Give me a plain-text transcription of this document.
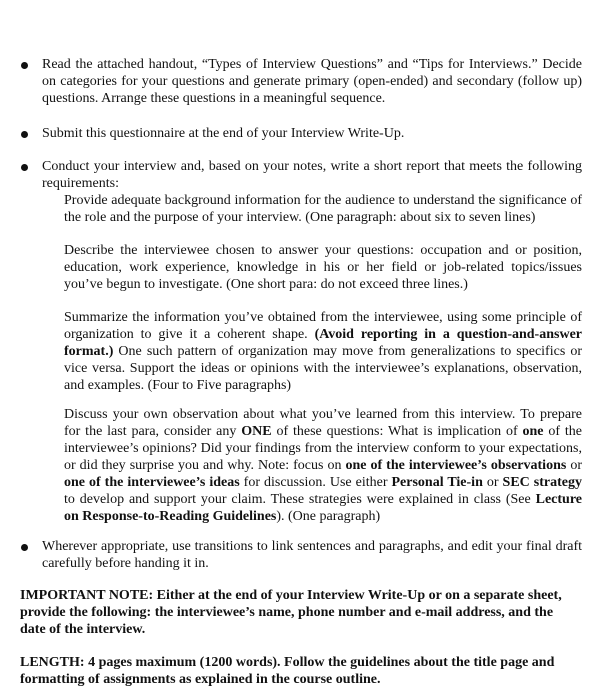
Read the attached handout, “Types of Interview Questions” and “Tips for Interviews.” Decide on categories for your questions and generate primary (open-ended) and secondary (follow up) questions. Arrange these questions in a meaningful sequence.
Submit this questionnaire at the end of your Interview Write-Up.
Conduct your interview and, based on your notes, write a short report that meets the following requirements:
Provide adequate background information for the audience to understand the significance of the role and the purpose of your interview. (One paragraph: about six to seven lines)
Describe the interviewee chosen to answer your questions: occupation and or position, education, work experience, knowledge in his or her field or job-related topics/issues you’ve begun to investigate. (One short para: do not exceed three lines.)
Summarize the information you’ve obtained from the interviewee, using some principle of organization to give it a coherent shape. (Avoid reporting in a question-and-answer format.) One such pattern of organization may move from generalizations to specifics or vice versa. Support the ideas or opinions with the interviewee’s explanations, observation, and examples. (Four to Five paragraphs)
Discuss your own observation about what you’ve learned from this interview. To prepare for the last para, consider any ONE of these questions: What is implication of one of the interviewee’s opinions? Did your findings from the interview conform to your expectations, or did they surprise you and why. Note: focus on one of the interviewee’s observations or one of the interviewee’s ideas for discussion. Use either Personal Tie-in or SEC strategy to develop and support your claim. These strategies were explained in class (See Lecture on Response-to-Reading Guidelines). (One paragraph)
Wherever appropriate, use transitions to link sentences and paragraphs, and edit your final draft carefully before handing it in.
IMPORTANT NOTE: Either at the end of your Interview Write-Up or on a separate sheet, provide the following: the interviewee’s name, phone number and e-mail address, and the date of the interview.
LENGTH: 4 pages maximum (1200 words). Follow the guidelines about the title page and formatting of assignments as explained in the course outline.
